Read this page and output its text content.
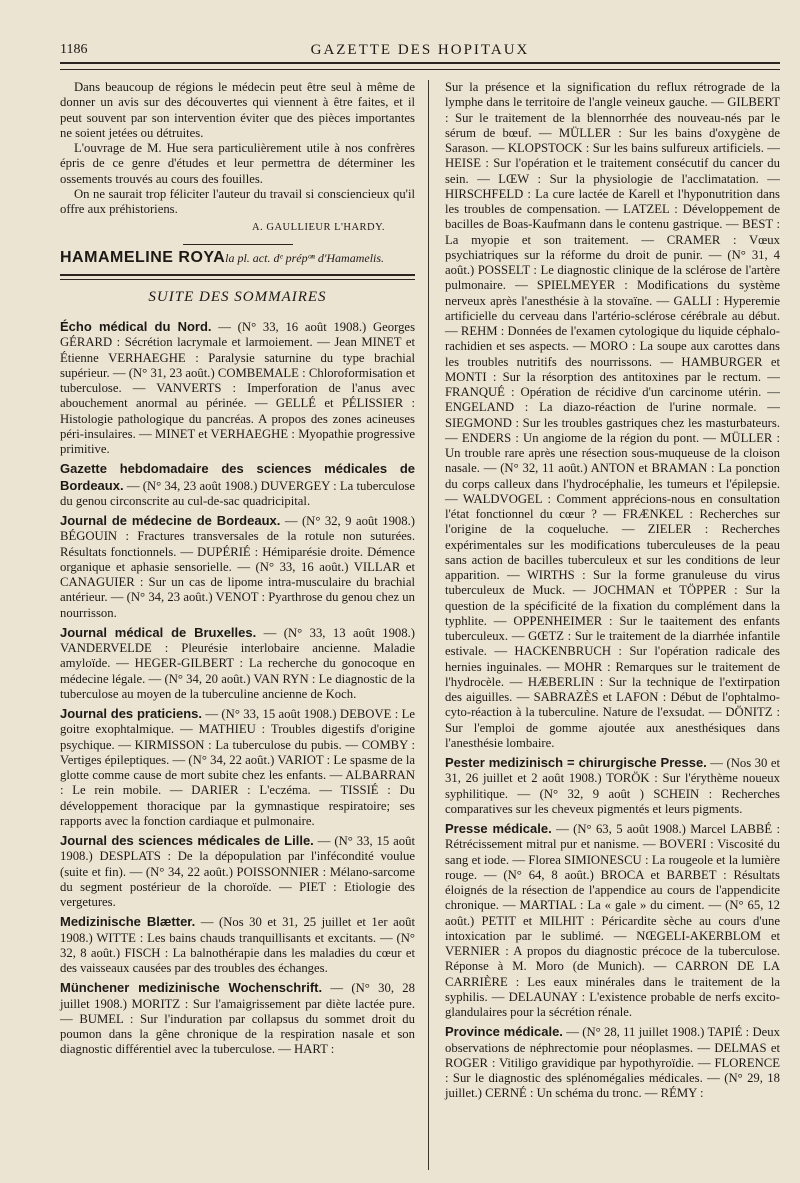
1186	GAZETTE DES HOPITAUX

Dans beaucoup de régions le médecin peut être seul à même de donner un avis sur des découvertes qui viennent à être faites, et il peut souvent par son intervention éviter que des pièces importantes ne soient jetées ou détruites.

L'ouvrage de M. Hue sera particulièrement utile à nos confrères épris de ce genre d'études et leur permettra de déterminer les ossements trouvés au cours des fouilles.

On ne saurait trop féliciter l'auteur du travail si consciencieux qu'il offre aux préhistoriens.

A. GAULLIEUR L'HARDY.
HAMAMELINE ROYAla pl. act. dᵉ prépᵒⁿ d'Hamamelis.
SUITE DES SOMMAIRES

Écho médical du Nord. — (N° 33, 16 août 1908.) Georges GÉRARD : Sécrétion lacrymale et larmoiement. — Jean MINET et Étienne VERHAEGHE : Paralysie saturnine du type brachial supérieur. — (N° 31, 23 août.) COMBEMALE : Chloroformisation et tuberculose. — VANVERTS : Imperforation de l'anus avec abouchement anormal au périnée. — GELLÉ et PÉLISSIER : Histologie pathologique du pancréas. A propos des zones acineuses péri-insulaires. — MINET et VERHAEGHE : Myopathie progressive primitive.

Gazette hebdomadaire des sciences médicales de Bordeaux. — (N° 34, 23 août 1908.) DUVERGEY : La tuberculose du genou circonscrite au cul-de-sac quadricipital.

Journal de médecine de Bordeaux. — (N° 32, 9 août 1908.) BÉGOUIN : Fractures transversales de la rotule non suturées. Résultats fonctionnels. — DUPÉRIÉ : Hémiparésie droite. Démence organique et aphasie sensorielle. — (N° 33, 16 août.) VILLAR et CANAGUIER : Sur un cas de lipome intra-musculaire du brachial antérieur. — (N° 34, 23 août.) VENOT : Pyarthrose du genou chez un nourrisson.

Journal médical de Bruxelles. — (N° 33, 13 août 1908.) VANDERVELDE : Pleurésie interlobaire ancienne. Maladie amyloïde. — HEGER-GILBERT : La recherche du gonocoque en médecine légale. — (N° 34, 20 août.) VAN RYN : Le diagnostic de la tuberculose au moyen de la tuberculine ancienne de Koch.

Journal des praticiens. — (N° 33, 15 août 1908.) DEBOVE : Le goitre exophtalmique. — MATHIEU : Troubles digestifs d'origine psychique. — KIRMISSON : La tuberculose du pubis. — COMBY : Vertiges épileptiques. — (N° 34, 22 août.) VARIOT : Le spasme de la glotte comme cause de mort subite chez les enfants. — ALBARRAN : Le rein mobile. — DARIER : L'eczéma. — TISSIÉ : Du développement thoracique par la gymnastique respiratoire; ses rapports avec la fonction cardiaque et pulmonaire.

Journal des sciences médicales de Lille. — (N° 33, 15 août 1908.) DESPLATS : De la dépopulation par l'infécondité voulue (suite et fin). — (N° 34, 22 août.) POISSONNIER : Mélano-sarcome du segment postérieur de la choroïde. — PIET : Etiologie des vergetures.

Medizinische Blætter. — (Nos 30 et 31, 25 juillet et 1er août 1908.) WITTE : Les bains chauds tranquillisants et excitants. — (N° 32, 8 août.) FISCH : La balnothérapie dans les maladies du cœur et des vaisseaux causées par des troubles des échanges.

Münchener medizinische Wochenschrift. — (N° 30, 28 juillet 1908.) MORITZ : Sur l'amaigrissement par diète lactée pure. — BUMEL : Sur l'induration par collapsus du sommet droit du poumon dans la gêne chronique de la respiration nasale et son diagnostic différentiel avec la tuberculose. — HART :

Sur la présence et la signification du reflux rétrograde de la lymphe dans le territoire de l'angle veineux gauche. — GILBERT : Sur le traitement de la blennorrhée des nouveau-nés par le sérum de bœuf. — MÜLLER : Sur les bains d'oxygène de Sarason. — KLOPSTOCK : Sur les bains sulfureux artificiels. — HEISE : Sur l'opération et le traitement consécutif du cancer du sein. — LŒW : Sur la physiologie de l'acclimatation. — HIRSCHFELD : La cure lactée de Karell et l'hyponutrition dans les troubles de compensation. — LATZEL : Développement de bacilles de Boas-Kaufmann dans le contenu gastrique. — BEST : La myopie et son traitement. — CRAMER : Vœux psychiatriques sur la réforme du droit de punir. — (N° 31, 4 août.) POSSELT : Le diagnostic clinique de la sclérose de l'artère pulmonaire. — SPIELMEYER : Modifications du système nerveux après l'anesthésie à la stovaïne. — GALLI : Hyperemie artificielle du cerveau dans l'artério-sclérose cérébrale au début. — REHM : Données de l'examen cytologique du liquide céphalo-rachidien et ses aspects. — MORO : La soupe aux carottes dans les troubles nutritifs des nourrissons. — HAMBURGER et MONTI : Sur la résorption des antitoxines par le rectum. — FRANQUÉ : Opération de récidive d'un carcinome utérin. — ENGELAND : La diazo-réaction de l'urine normale. — SIEGMOND : Sur les troubles gastriques chez les masturbateurs. — ENDERS : Un angiome de la région du pont. — MÜLLER : Un trouble rare après une résection sous-muqueuse de la cloison nasale. — (N° 32, 11 août.) ANTON et BRAMAN : La ponction du corps calleux dans l'hydrocéphalie, les tumeurs et l'épilepsie. — WALDVOGEL : Comment apprécions-nous en consultation l'état fonctionnel du cœur ? — FRÆNKEL : Recherches sur l'origine de la coqueluche. — ZIELER : Recherches expérimentales sur les modifications tuberculeuses de la peau sans action de bacilles tuberculeux et sur les conditions de leur apparition. — WIRTHS : Sur la forme granuleuse du virus tuberculeux de Muck. — JOCHMAN et TÖPPER : Sur la question de la spécificité de la fixation du complément dans la typhlite. — OPPENHEIMER : Sur le taaitement des enfants tuberculeux. — GŒTZ : Sur le traitement de la diarrhée infantile estivale. — HACKENBRUCH : Sur l'opération radicale des hernies inguinales. — MOHR : Remarques sur le traitement de l'hydrocèle. — HÆBERLIN : Sur la technique de l'extirpation des aiguilles. — SABRAZÈS et LAFON : Début de l'ophtalmo-cyto-réaction à la tuberculine. Nature de l'exsudat. — DÖNITZ : Sur l'emploi de gomme ajoutée aux anesthésiques dans l'anesthésie lombaire.

Pester medizinisch = chirurgische Presse. — (Nos 30 et 31, 26 juillet et 2 août 1908.) TORÖK : Sur l'érythème noueux syphilitique. — (N° 32, 9 août ) SCHEIN : Recherches comparatives sur les cheveux pigmentés et leurs pigments.

Presse médicale. — (N° 63, 5 août 1908.) Marcel LABBÉ : Rétrécissement mitral pur et nanisme. — BOVERI : Viscosité du sang et iode. — Florea SIMIONESCU : La rougeole et la lumière rouge. — (N° 64, 8 août.) BROCA et BARBET : Résultats éloignés de la résection de l'appendice au cours de l'appendicite chronique. — MARTIAL : La « gale » du ciment. — (N° 65, 12 août.) PETIT et MILHIT : Péricardite sèche au cours d'une intoxication par le sublimé. — NŒGELI-AKERBLOM et VERNIER : A propos du diagnostic précoce de la tuberculose. Réponse à M. Moro (de Munich). — CARRON DE LA CARRIÈRE : Les eaux minérales dans le traitement de la syphilis. — DELAUNAY : L'existence probable de nerfs excito-glandulaires pour la sécrétion rénale.

Province médicale. — (N° 28, 11 juillet 1908.) TAPIÉ : Deux observations de néphrectomie pour néoplasmes. — DELMAS et ROGER : Vitiligo gravidique par hypothyroïdie. — FLORENCE : Sur le diagnostic des splénomégalies médicales. — (N° 29, 18 juillet.) CERNÉ : Un schéma du tronc. — RÉMY :
